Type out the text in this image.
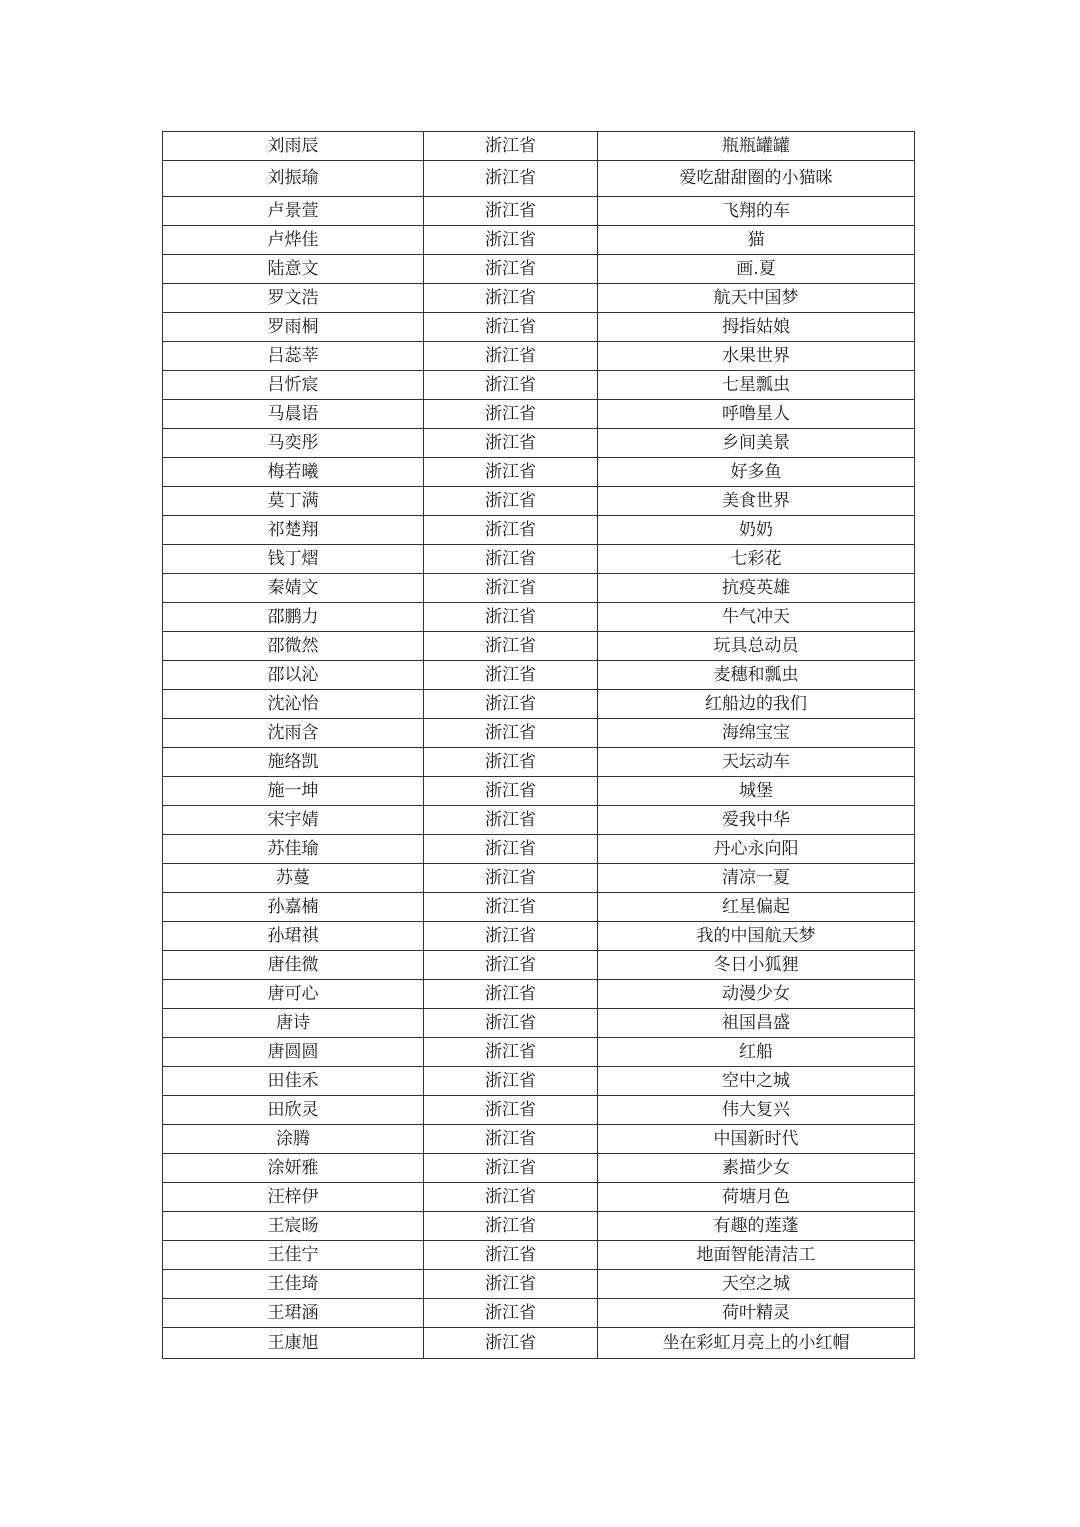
刘雨辰	浙江省	瓶瓶罐罐
刘振瑜	浙江省	爱吃甜甜圈的小猫咪
卢景萱	浙江省	飞翔的车
卢烨佳	浙江省	猫
陆意文	浙江省	画.夏
罗文浩	浙江省	航天中国梦
罗雨桐	浙江省	拇指姑娘
吕蕊莘	浙江省	水果世界
吕忻宸	浙江省	七星瓢虫
马晨语	浙江省	呼噜星人
马奕彤	浙江省	乡间美景
梅若曦	浙江省	好多鱼
莫丁满	浙江省	美食世界
祁楚翔	浙江省	奶奶
钱丁熠	浙江省	七彩花
秦婧文	浙江省	抗疫英雄
邵鹏力	浙江省	牛气冲天
邵微然	浙江省	玩具总动员
邵以沁	浙江省	麦穗和瓢虫
沈沁怡	浙江省	红船边的我们
沈雨含	浙江省	海绵宝宝
施络凯	浙江省	天坛动车
施一坤	浙江省	城堡
宋宇婧	浙江省	爱我中华
苏佳瑜	浙江省	丹心永向阳
苏蔓	浙江省	清凉一夏
孙嘉楠	浙江省	红星偏起
孙珺祺	浙江省	我的中国航天梦
唐佳微	浙江省	冬日小狐狸
唐可心	浙江省	动漫少女
唐诗	浙江省	祖国昌盛
唐圆圆	浙江省	红船
田佳禾	浙江省	空中之城
田欣灵	浙江省	伟大复兴
涂腾	浙江省	中国新时代
涂妍雅	浙江省	素描少女
汪梓伊	浙江省	荷塘月色
王宸旸	浙江省	有趣的莲蓬
王佳宁	浙江省	地面智能清洁工
王佳琦	浙江省	天空之城
王珺涵	浙江省	荷叶精灵
王康旭	浙江省	坐在彩虹月亮上的小红帽
